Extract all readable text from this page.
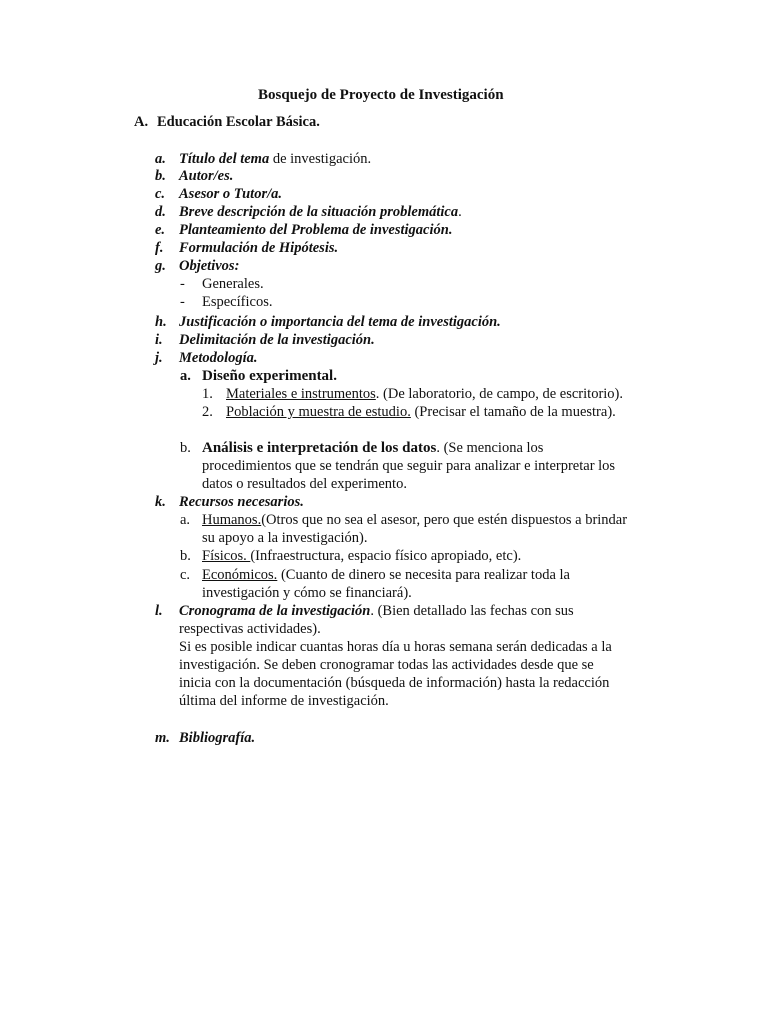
Bosquejo de Proyecto de Investigación
A. Educación Escolar Básica.
a. Título del tema de investigación.
b. Autor/es.
c. Asesor o Tutor/a.
d. Breve descripción de la situación problemática.
e. Planteamiento del Problema de investigación.
f. Formulación de Hipótesis.
g. Objetivos:
- Generales.
- Específicos.
h. Justificación o importancia del tema de investigación.
i. Delimitación de la investigación.
j. Metodología.
a. Diseño experimental.
1. Materiales e instrumentos. (De laboratorio, de campo, de escritorio).
2. Población y muestra de estudio. (Precisar el tamaño de la muestra).
b. Análisis e interpretación de los datos. (Se menciona los
procedimientos que se tendrán que seguir para analizar e interpretar los
datos o resultados del experimento.
k. Recursos necesarios.
a. Humanos.(Otros que no sea el asesor, pero que estén dispuestos a brindar
su apoyo a la investigación).
b. Físicos. (Infraestructura, espacio físico apropiado, etc).
c. Económicos. (Cuanto de dinero se necesita para realizar toda la
investigación y cómo se financiará).
l. Cronograma de la investigación. (Bien detallado las fechas con sus
respectivas actividades).
Si es posible indicar cuantas horas día u horas semana serán dedicadas a la
investigación. Se deben cronogramar todas las actividades desde que se
inicia con la documentación (búsqueda de información) hasta la redacción
última del informe de investigación.
m. Bibliografía.
